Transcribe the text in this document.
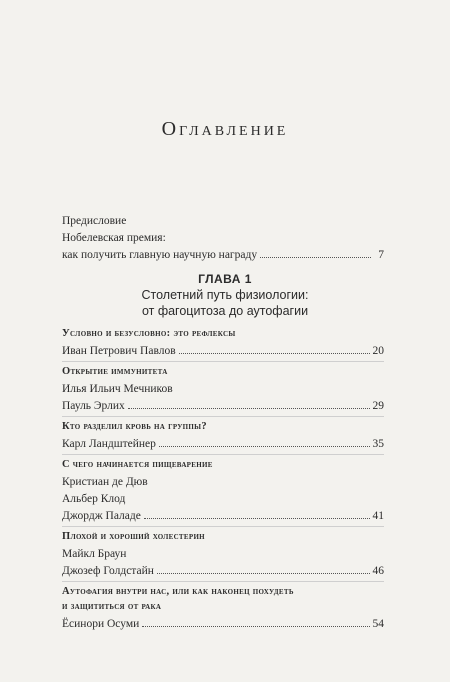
Оглавление
Предисловие
Нобелевская премия:
как получить главную научную награду	7
ГЛАВА 1
Столетний путь физиологии:
от фагоцитоза до аутофагии
Условно и безусловно: это рефлексы
Иван Петрович Павлов	20
Открытие иммунитета
Илья Ильич Мечников
Пауль Эрлих	29
Кто разделил кровь на группы?
Карл Ландштейнер	35
С чего начинается пищеварение
Кристиан де Дюв
Альбер Клод
Джордж Паладе	41
Плохой и хороший холестерин
Майкл Браун
Джозеф Голдстайн	46
Аутофагия внутри нас, или как наконец похудеть
и защититься от рака
Ёсинори Осуми	54
